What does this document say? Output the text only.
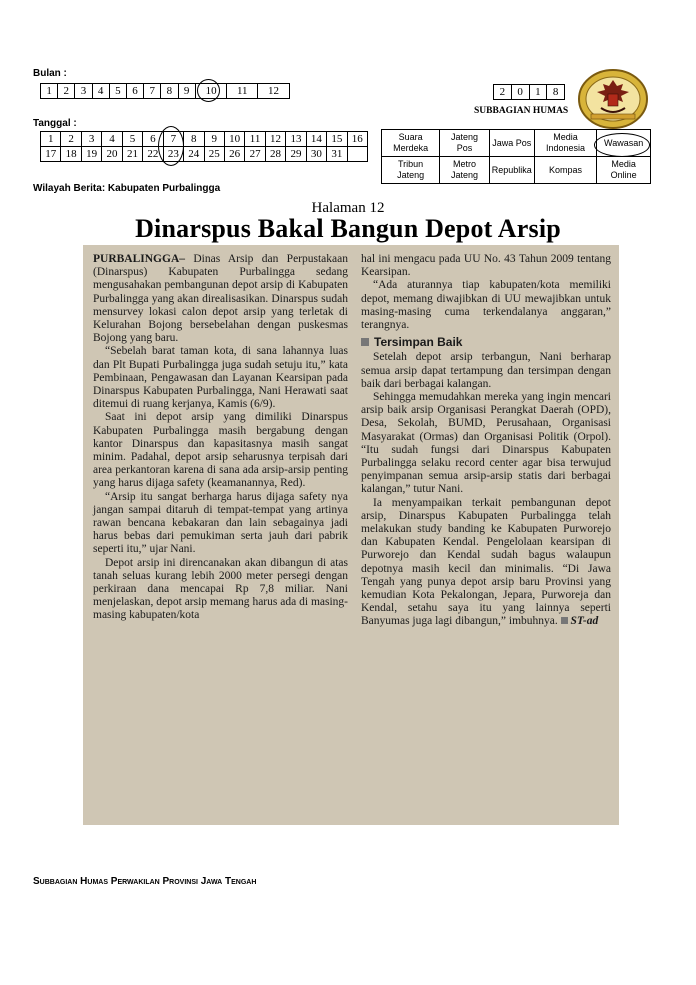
Bulan :
1	2	3	4	5	6	7	8	9	10	11	12
Tanggal :
1	2	3	4	5	6	7	8	9	10	11	12	13	14	15	16
17	18	19	20	21	22	23	24	25	26	27	28	29	30	31	
2	0	1	8
SUBBAGIAN HUMAS
Suara Merdeka	Jateng Pos	Jawa Pos	Media Indonesia	Wawasan
Tribun Jateng	Metro Jateng	Republika	Kompas	Media Online
Wilayah Berita: Kabupaten Purbalingga
Halaman 12
Dinarspus Bakal Bangun Depot Arsip

PURBALINGGA– Dinas Arsip dan Perpustakaan (Dinarspus) Kabupaten Purbalingga sedang mengusahakan pembangunan depot arsip di Kabupaten Purbalingga yang akan direalisasikan. Dinarspus sudah mensurvey lokasi calon depot arsip yang terletak di Kelurahan Bojong bersebelahan dengan puskesmas Bojong yang baru.

“Sebelah barat taman kota, di sana lahannya luas dan Plt Bupati Purbalingga juga sudah setuju itu,” kata Pembinaan, Pengawasan dan Layanan Kearsipan pada Dinarspus Kabupaten Purbalingga, Nani Herawati saat ditemui di ruang kerjanya, Kamis (6/9).

Saat ini depot arsip yang dimiliki Dinarspus Kabupaten Purbalingga masih bergabung dengan kantor Dinarspus dan kapasitasnya masih sangat minim. Padahal, depot arsip seharusnya terpisah dari area perkantoran karena di sana ada arsip-arsip penting yang harus dijaga safety (keamanannya, Red).

“Arsip itu sangat berharga harus dijaga safety nya jangan sampai ditaruh di tempat-tempat yang artinya rawan bencana kebakaran dan lain sebagainya jadi harus bebas dari pemukiman serta jauh dari pabrik seperti itu,” ujar Nani.

Depot arsip ini direncanakan akan dibangun di atas tanah seluas kurang lebih 2000 meter persegi dengan perkiraan dana mencapai Rp 7,8 miliar. Nani menjelaskan, depot arsip memang harus ada di masing-masing kabupaten/kota

hal ini mengacu pada UU No. 43 Tahun 2009 tentang Kearsipan.

“Ada aturannya tiap kabupaten/kota memiliki depot, memang diwajibkan di UU mewajibkan untuk masing-masing cuma terkendalanya anggaran,” terangnya.

Tersimpan Baik

Setelah depot arsip terbangun, Nani berharap semua arsip dapat tertampung dan tersimpan dengan baik dari berbagai kalangan.

Sehingga memudahkan mereka yang ingin mencari arsip baik arsip Organisasi Perangkat Daerah (OPD), Desa, Sekolah, BUMD, Perusahaan, Organisasi Masyarakat (Ormas) dan Organisasi Politik (Orpol). “Itu sudah fungsi dari Dinarspus Kabupaten Purbalingga selaku record center agar bisa terwujud penyimpanan semua arsip-arsip statis dari berbagai kalangan,” tutur Nani.

Ia menyampaikan terkait pembangunan depot arsip, Dinarspus Kabupaten Purbalingga telah melakukan study banding ke Kabupaten Purworejo dan Kabupaten Kendal. Pengelolaan kearsipan di Purworejo dan Kendal sudah bagus walaupun depotnya masih kecil dan minimalis. “Di Jawa Tengah yang punya depot arsip baru Provinsi yang kemudian Kota Pekalongan, Jepara, Purworeja dan Kendal, setahu saya itu yang lainnya seperti Banyumas juga lagi dibangun,” imbuhnya. ST-ad

Subbagian Humas Perwakilan Provinsi Jawa Tengah
